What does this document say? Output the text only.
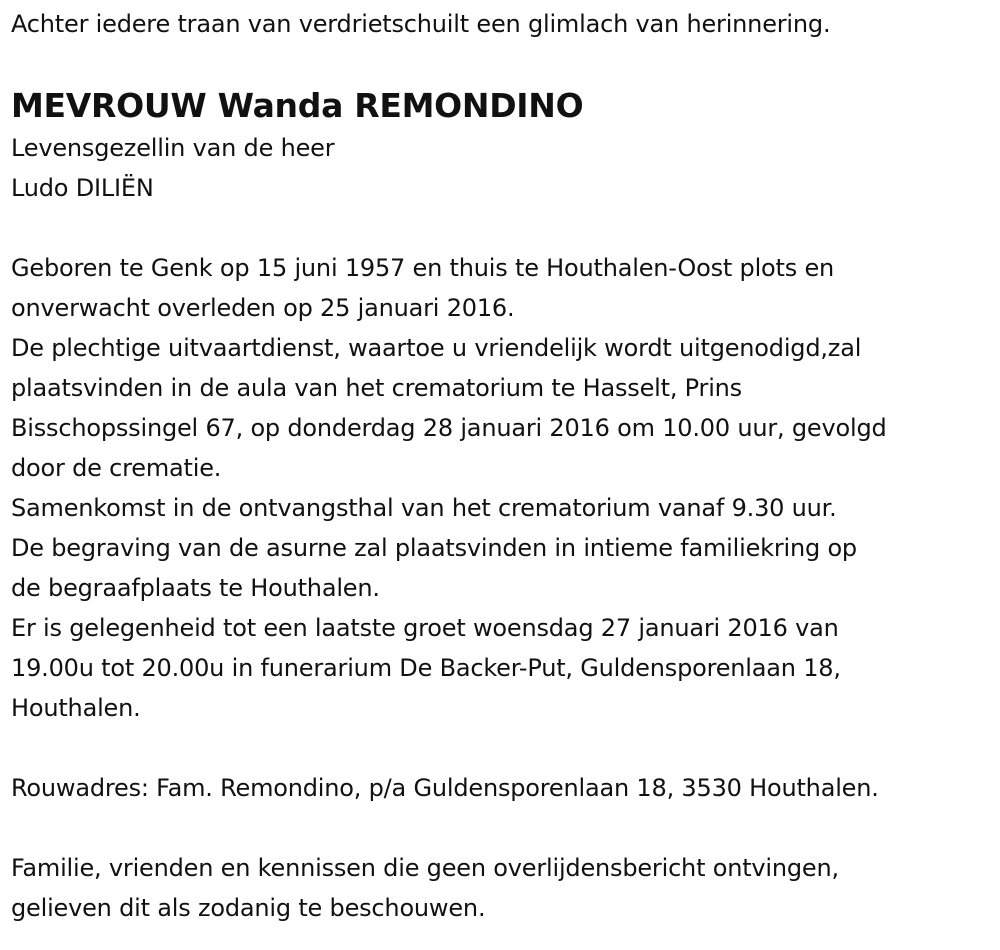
Achter iedere traan van verdrietschuilt een glimlach van herinnering.
MEVROUW Wanda REMONDINO
Levensgezellin van de heer
Ludo DILIËN
Geboren te Genk op 15 juni 1957 en thuis te Houthalen-Oost plots en
onverwacht overleden op 25 januari 2016.
De plechtige uitvaartdienst, waartoe u vriendelijk wordt uitgenodigd,zal
plaatsvinden in de aula van het crematorium te Hasselt, Prins
Bisschopssingel 67, op donderdag 28 januari 2016 om 10.00 uur, gevolgd
door de crematie.
Samenkomst in de ontvangsthal van het crematorium vanaf 9.30 uur.
De begraving van de asurne zal plaatsvinden in intieme familiekring op
de begraafplaats te Houthalen.
Er is gelegenheid tot een laatste groet woensdag 27 januari 2016 van
19.00u tot 20.00u in funerarium De Backer-Put, Guldensporenlaan 18,
Houthalen.
Rouwadres: Fam. Remondino, p/a Guldensporenlaan 18, 3530 Houthalen.
Familie, vrienden en kennissen die geen overlijdensbericht ontvingen,
gelieven dit als zodanig te beschouwen.
